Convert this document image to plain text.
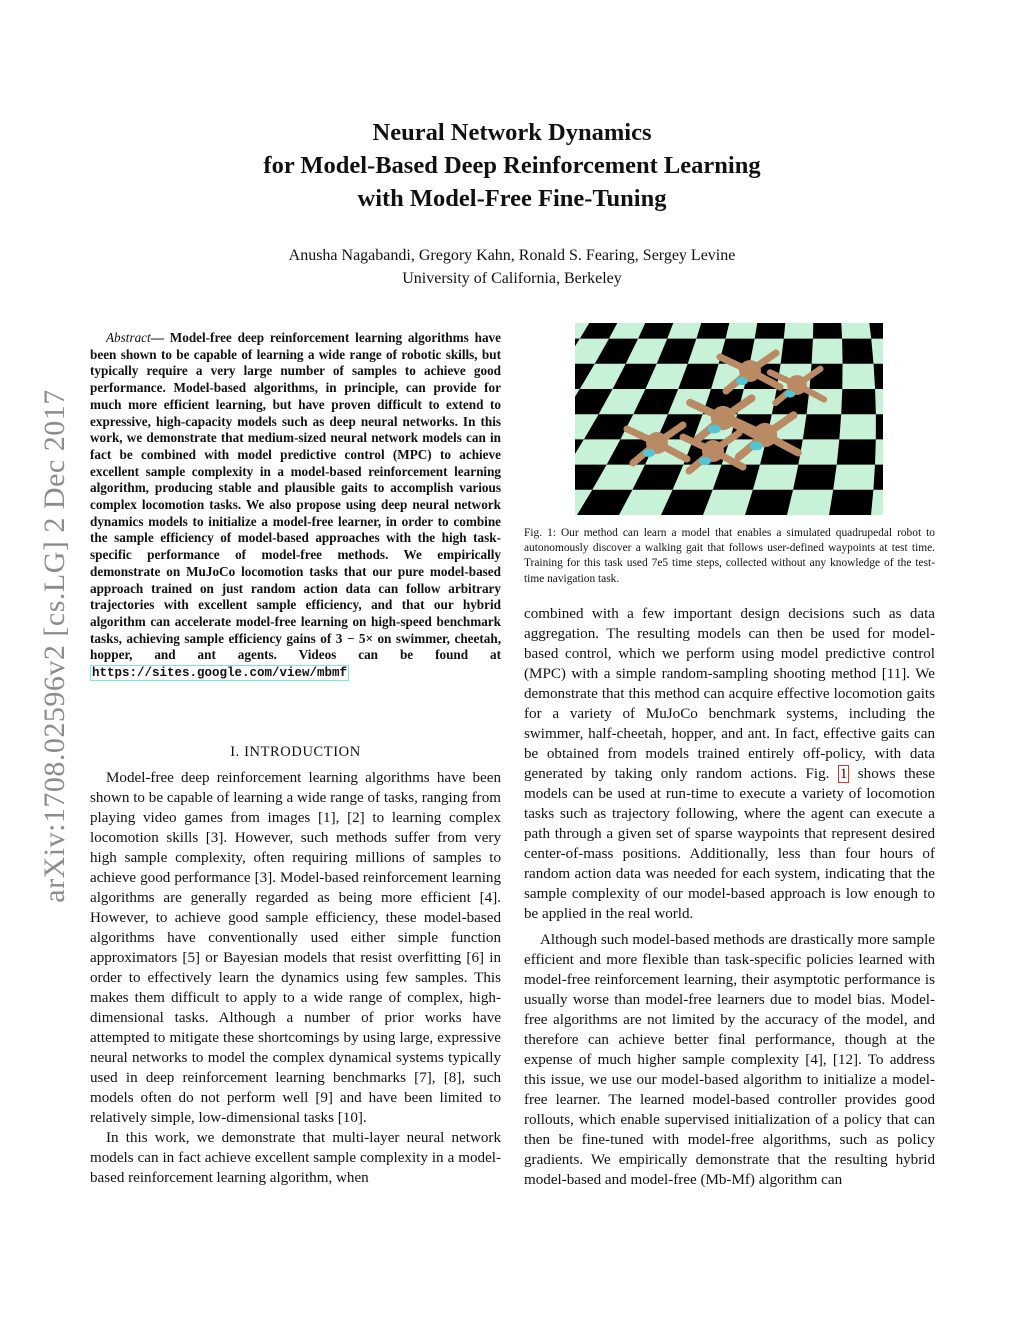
Neural Network Dynamics
for Model-Based Deep Reinforcement Learning
with Model-Free Fine-Tuning
Anusha Nagabandi, Gregory Kahn, Ronald S. Fearing, Sergey Levine
University of California, Berkeley
arXiv:1708.02596v2 [cs.LG] 2 Dec 2017

Abstract— Model-free deep reinforcement learning algorithms have been shown to be capable of learning a wide range of robotic skills, but typically require a very large number of samples to achieve good performance. Model-based algorithms, in principle, can provide for much more efficient learning, but have proven difficult to extend to expressive, high-capacity models such as deep neural networks. In this work, we demonstrate that medium-sized neural network models can in fact be combined with model predictive control (MPC) to achieve excellent sample complexity in a model-based reinforcement learning algorithm, producing stable and plausible gaits to accomplish various complex locomotion tasks. We also propose using deep neural network dynamics models to initialize a model-free learner, in order to combine the sample efficiency of model-based approaches with the high task-specific performance of model-free methods. We empirically demonstrate on MuJoCo locomotion tasks that our pure model-based approach trained on just random action data can follow arbitrary trajectories with excellent sample efficiency, and that our hybrid algorithm can accelerate model-free learning on high-speed benchmark tasks, achieving sample efficiency gains of 3 − 5× on swimmer, cheetah, hopper, and ant agents. Videos can be found at https://sites.google.com/view/mbmf

I. INTRODUCTION

Model-free deep reinforcement learning algorithms have been shown to be capable of learning a wide range of tasks, ranging from playing video games from images [1], [2] to learning complex locomotion skills [3]. However, such methods suffer from very high sample complexity, often requiring millions of samples to achieve good performance [3]. Model-based reinforcement learning algorithms are generally regarded as being more efficient [4]. However, to achieve good sample efficiency, these model-based algorithms have conventionally used either simple function approximators [5] or Bayesian models that resist overfitting [6] in order to effectively learn the dynamics using few samples. This makes them difficult to apply to a wide range of complex, high-dimensional tasks. Although a number of prior works have attempted to mitigate these shortcomings by using large, expressive neural networks to model the complex dynamical systems typically used in deep reinforcement learning benchmarks [7], [8], such models often do not perform well [9] and have been limited to relatively simple, low-dimensional tasks [10].

In this work, we demonstrate that multi-layer neural network models can in fact achieve excellent sample complexity in a model-based reinforcement learning algorithm, when

Fig. 1: Our method can learn a model that enables a simulated quadrupedal robot to autonomously discover a walking gait that follows user-defined waypoints at test time. Training for this task used 7e5 time steps, collected without any knowledge of the test-time navigation task.

combined with a few important design decisions such as data aggregation. The resulting models can then be used for model-based control, which we perform using model predictive control (MPC) with a simple random-sampling shooting method [11]. We demonstrate that this method can acquire effective locomotion gaits for a variety of MuJoCo benchmark systems, including the swimmer, half-cheetah, hopper, and ant. In fact, effective gaits can be obtained from models trained entirely off-policy, with data generated by taking only random actions. Fig. 1 shows these models can be used at run-time to execute a variety of locomotion tasks such as trajectory following, where the agent can execute a path through a given set of sparse waypoints that represent desired center-of-mass positions. Additionally, less than four hours of random action data was needed for each system, indicating that the sample complexity of our model-based approach is low enough to be applied in the real world.

Although such model-based methods are drastically more sample efficient and more flexible than task-specific policies learned with model-free reinforcement learning, their asymptotic performance is usually worse than model-free learners due to model bias. Model-free algorithms are not limited by the accuracy of the model, and therefore can achieve better final performance, though at the expense of much higher sample complexity [4], [12]. To address this issue, we use our model-based algorithm to initialize a model-free learner. The learned model-based controller provides good rollouts, which enable supervised initialization of a policy that can then be fine-tuned with model-free algorithms, such as policy gradients. We empirically demonstrate that the resulting hybrid model-based and model-free (Mb-Mf) algorithm can
